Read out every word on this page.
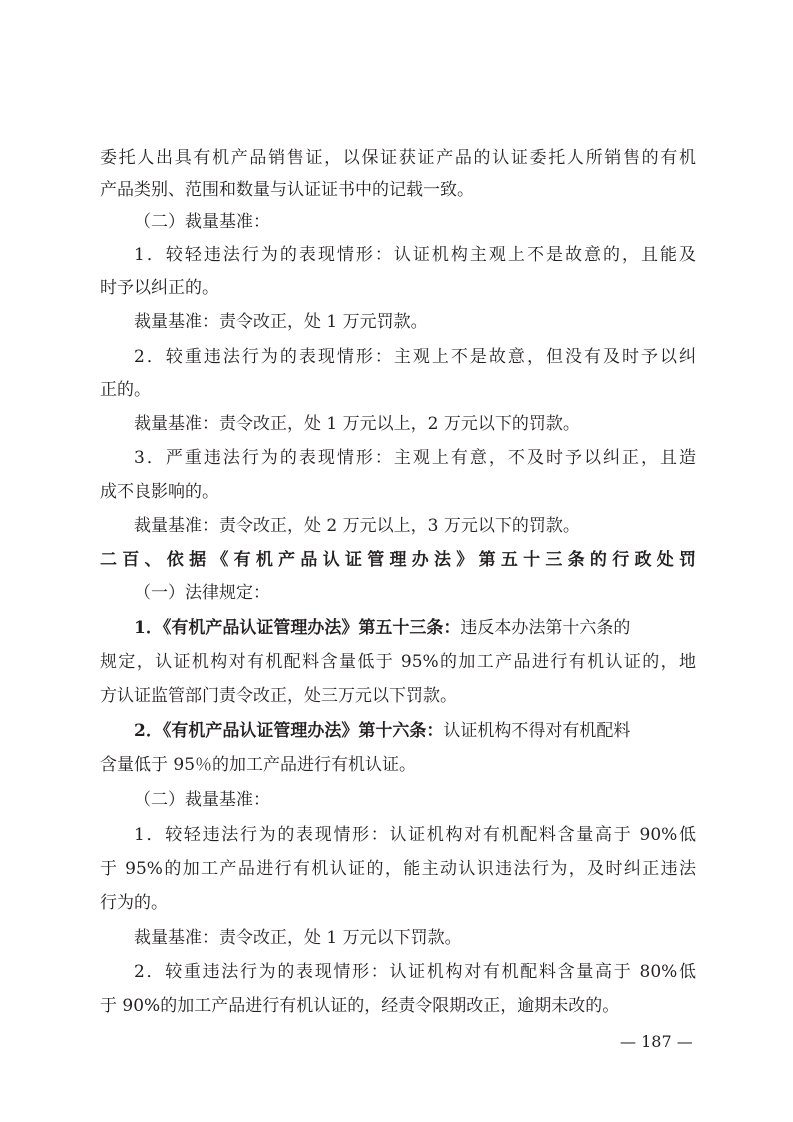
委托人出具有机产品销售证，以保证获证产品的认证委托人所销售的有机
产品类别、范围和数量与认证证书中的记载一致。
（二）裁量基准：
1．较轻违法行为的表现情形：认证机构主观上不是故意的，且能及
时予以纠正的。
裁量基准：责令改正，处 1 万元罚款。
2．较重违法行为的表现情形：主观上不是故意，但没有及时予以纠
正的。
裁量基准：责令改正，处 1 万元以上，2 万元以下的罚款。
3．严重违法行为的表现情形：主观上有意，不及时予以纠正，且造
成不良影响的。
裁量基准：责令改正，处 2 万元以上，3 万元以下的罚款。
二百、依据《有机产品认证管理办法》第五十三条的行政处罚
（一）法律规定：
1．《有机产品认证管理办法》第五十三条：违反本办法第十六条的
规定，认证机构对有机配料含量低于 95%的加工产品进行有机认证的，地
方认证监管部门责令改正，处三万元以下罚款。
2．《有机产品认证管理办法》第十六条：认证机构不得对有机配料
含量低于 95％的加工产品进行有机认证。
（二）裁量基准：
1．较轻违法行为的表现情形：认证机构对有机配料含量高于 90%低
于 95%的加工产品进行有机认证的，能主动认识违法行为，及时纠正违法
行为的。
裁量基准：责令改正，处 1 万元以下罚款。
2．较重违法行为的表现情形：认证机构对有机配料含量高于 80%低
于 90%的加工产品进行有机认证的，经责令限期改正，逾期未改的。
— 187 —
